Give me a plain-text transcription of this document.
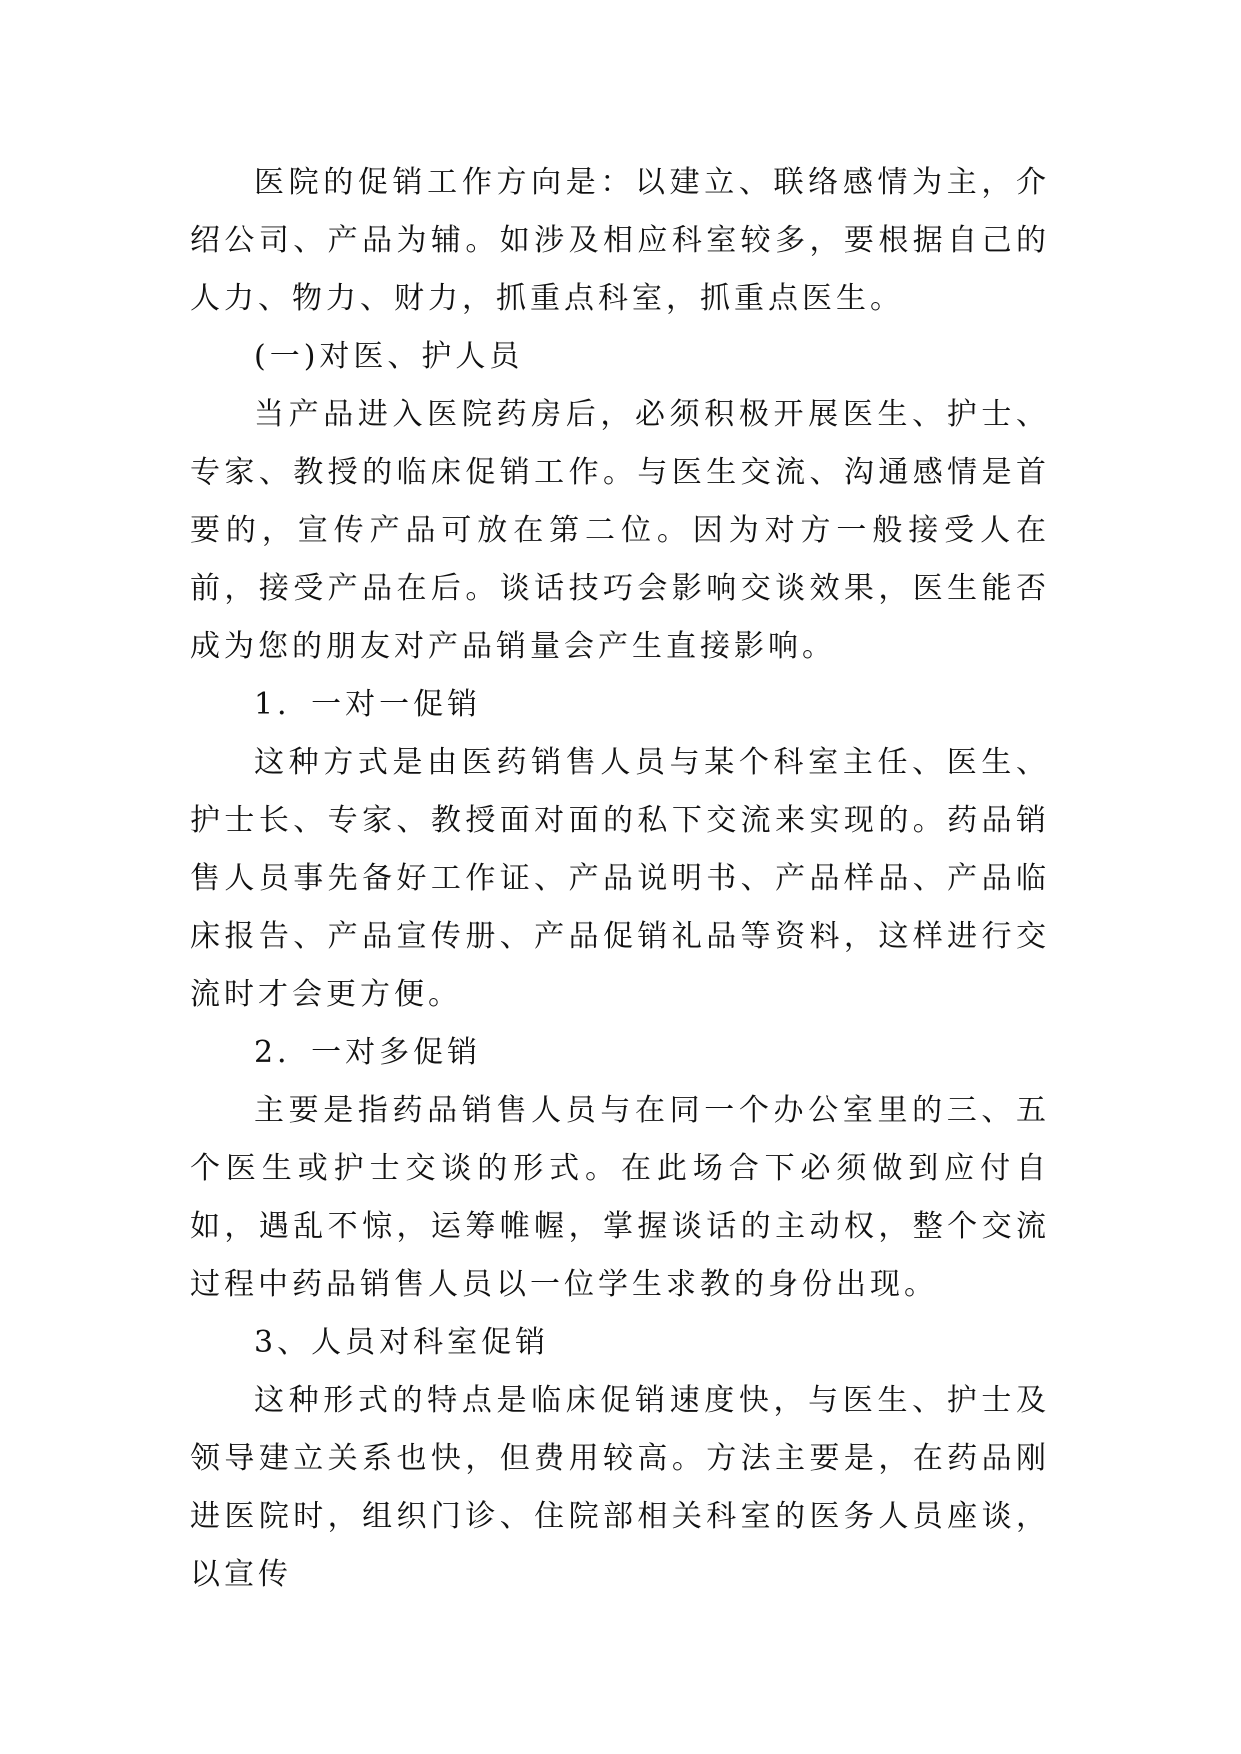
医院的促销工作方向是：以建立、联络感情为主，介绍公司、产品为辅。如涉及相应科室较多，要根据自己的人力、物力、财力，抓重点科室，抓重点医生。

(一)对医、护人员

当产品进入医院药房后，必须积极开展医生、护士、专家、教授的临床促销工作。与医生交流、沟通感情是首要的，宣传产品可放在第二位。因为对方一般接受人在前，接受产品在后。谈话技巧会影响交谈效果，医生能否成为您的朋友对产品销量会产生直接影响。

1．一对一促销

这种方式是由医药销售人员与某个科室主任、医生、护士长、专家、教授面对面的私下交流来实现的。药品销售人员事先备好工作证、产品说明书、产品样品、产品临床报告、产品宣传册、产品促销礼品等资料，这样进行交流时才会更方便。

2．一对多促销

主要是指药品销售人员与在同一个办公室里的三、五个医生或护士交谈的形式。在此场合下必须做到应付自如，遇乱不惊，运筹帷幄，掌握谈话的主动权，整个交流过程中药品销售人员以一位学生求教的身份出现。

3、人员对科室促销

这种形式的特点是临床促销速度快，与医生、护士及领导建立关系也快，但费用较高。方法主要是，在药品刚进医院时，组织门诊、住院部相关科室的医务人员座谈，以宣传
